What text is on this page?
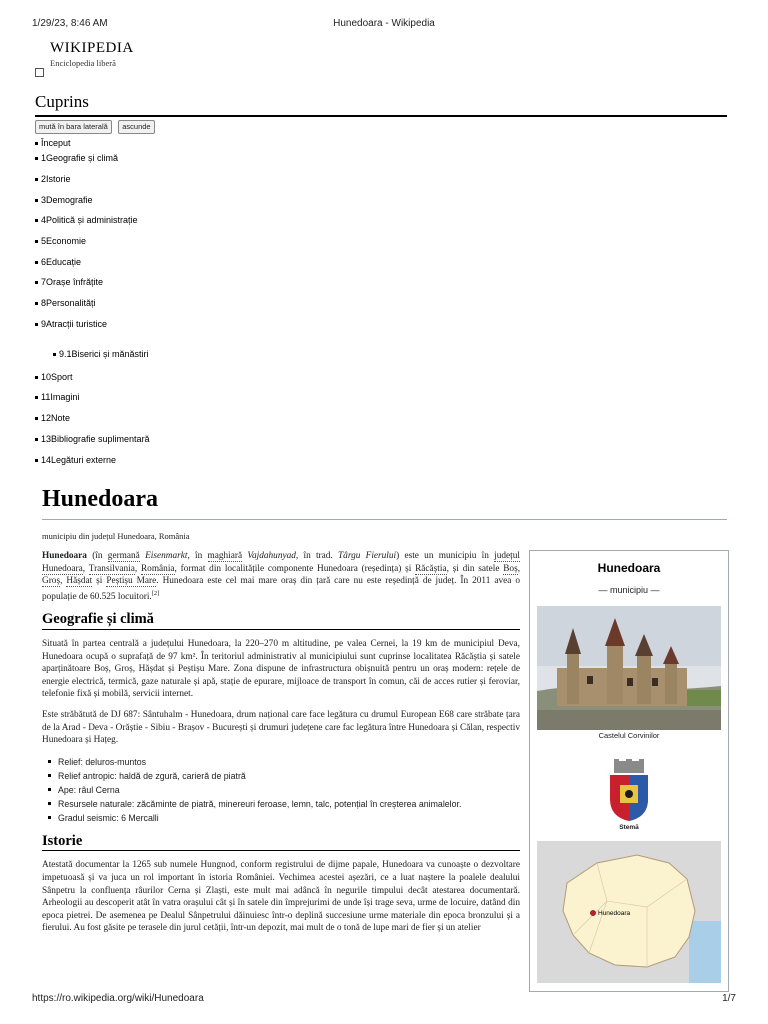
1/29/23, 8:46 AM	Hunedoara - Wikipedia
WIKIPEDIA
Enciclopedia liberă
Cuprins
mută în bara laterală ascunde
Început
1Geografie și climă
2Istorie
3Demografie
4Politică și administrație
5Economie
6Educație
7Orașe înfrățite
8Personalități
9Atracții turistice
9.1Biserici și mănăstiri
10Sport
11Imagini
12Note
13Bibliografie suplimentară
14Legături externe
Hunedoara
municipiu din județul Hunedoara, România

Hunedoara (în germană Eisenmarkt, în maghiară Vajdahunyad, în trad. Târgu Fierului) este un municipiu în județul Hunedoara, Transilvania, România, format din localitățile componente Hunedoara (reședința) și Răcăștia, și din satele Boș, Groș, Hășdat și Peștișu Mare. Hunedoara este cel mai mare oraș din țară care nu este reședință de județ. În 2011 avea o populație de 60.525 locuitori.[2]

Geografie și climă

Situată în partea centrală a județului Hunedoara, la 220–270 m altitudine, pe valea Cernei, la 19 km de municipiul Deva, Hunedoara ocupă o suprafață de 97 km². În teritoriul administrativ al municipiului sunt cuprinse localitatea Răcăștia și satele aparținătoare Boș, Groș, Hășdat și Peștișu Mare. Zona dispune de infrastructura obișnuită pentru un oraș modern: rețele de energie electrică, termică, gaze naturale și apă, stație de epurare, mijloace de transport în comun, căi de acces rutier și feroviar, telefonie fixă și mobilă, servicii internet.

Este străbătută de DJ 687: Sântuhalm - Hunedoara, drum național care face legătura cu drumul European E68 care străbate țara de la Arad - Deva - Orăștie - Sibiu - Brașov - București și drumuri județene care fac legătura între Hunedoara și Călan, respectiv Hunedoara și Hațeg.

Relief: deluros-muntos
Relief antropic: haldă de zgură, carieră de piatră
Ape: râul Cerna
Resursele naturale: zăcăminte de piatră, minereuri feroase, lemn, talc, potențial în creșterea animalelor.
Gradul seismic: 6 Mercalli
Istorie

Atestată documentar la 1265 sub numele Hungnod, conform registrului de dijme papale, Hunedoara va cunoaște o dezvoltare impetuoasă și va juca un rol important în istoria României. Vechimea acestei așezări, ce a luat naștere la poalele dealului Sânpetru la confluența râurilor Cerna și Zlaști, este mult mai adâncă în negurile timpului decât atestarea documentară. Arheologii au descoperit atât în vatra orașului cât și în satele din împrejurimi de unde își trage seva, urme de locuire, datând din epoca pietrei. De asemenea pe Dealul Sânpetrului dăinuiesc într-o deplină succesiune urme materiale din epoca bronzului și a fierului. Au fost găsite pe terasele din jurul cetății, într-un depozit, mai mult de o tonă de lupe mari de fier și un atelier

Hunedoara
— municipiu —
Castelul Corvinilor
Stemă
Hunedoara
https://ro.wikipedia.org/wiki/Hunedoara	1/7
